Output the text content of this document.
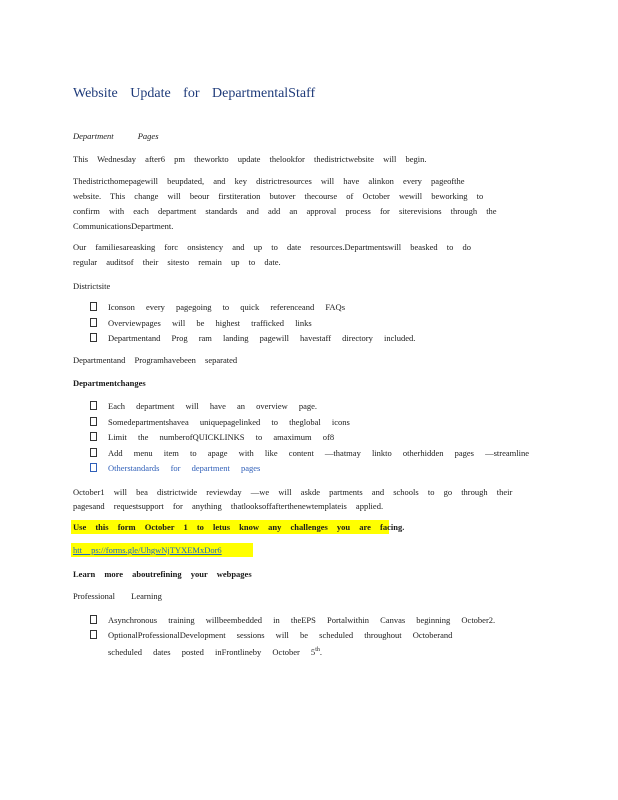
Website Update for DepartmentalStaff
Department Pages
This Wednesday after6 pm theworkto update thelookfor thedistrictwebsite will begin.
Thedistricthomepagewill beupdated, and key districtresources will have alinkon every pageofthe
website. This change will beour firstiteration butover thecourse of October wewill beworking to
confirm with each department standards and add an approval process for siterevisions through the
CommunicationsDepartment.
Our familiesareasking forc onsistency and up to date resources.Departmentswill beasked to do
regular auditsof their sitesto remain up to date.
Districtsite
Iconson every pagegoing to quick referenceand FAQs
Overviewpages will be highest trafficked links
Departmentand Prog ram landing pagewill havestaff directory included.
Departmentand Programhavebeen separated
Departmentchanges
Each department will have an overview page.
Somedepartmentshavea uniquepagelinked to theglobal icons
Limit the numberofQUICKLINKS to amaximum of8
Add menu item to apage with like content —thatmay linkto otherhidden pages —streamline
Otherstandards for department pages
October1 will bea districtwide reviewday —we will askde partments and schools to go through their
pagesand requestsupport for anything thatlooksoffafterthenewtemplateis applied.
Use this form October 1 to letus know any challenges you are facing.
htt ps://forms.gle/UhgwNjTYXEMxDor6
Learn more aboutrefining your webpages
Professional Learning
Asynchronous training willbeembedded in theEPS Portalwithin Canvas beginning October2.
OptionalProfessionalDevelopment sessions will be scheduled throughout Octoberand
scheduled dates posted inFrontlineby October 5th.
